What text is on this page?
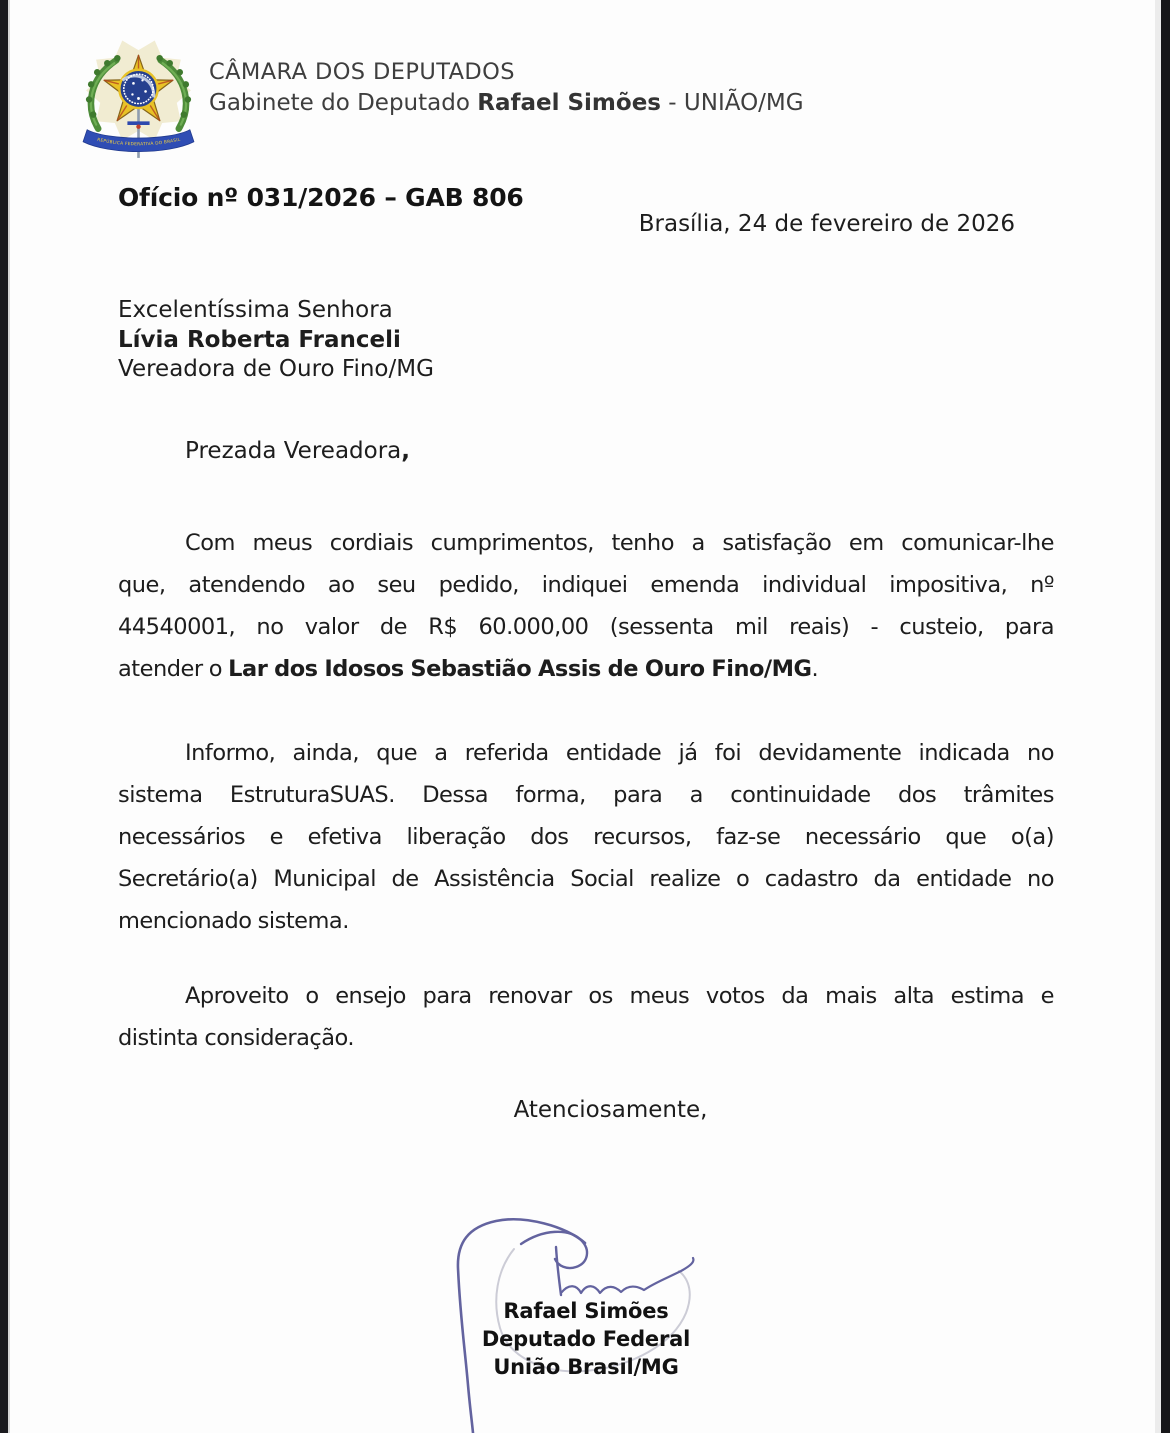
REPÚBLICA FEDERATIVA DO BRASIL
CÂMARA DOS DEPUTADOS
Gabinete do Deputado Rafael Simões - UNIÃO/MG
Ofício nº 031/2026 – GAB 806
Brasília, 24 de fevereiro de 2026
Excelentíssima Senhora
Lívia Roberta Franceli
Vereadora de Ouro Fino/MG
Prezada Vereadora,
Com meus cordiais cumprimentos, tenho a satisfação em comunicar-lhe
que, atendendo ao seu pedido, indiquei emenda individual impositiva, nº
44540001, no valor de R$ 60.000,00 (sessenta mil reais) - custeio, para
atender o Lar dos Idosos Sebastião Assis de Ouro Fino/MG.
Informo, ainda, que a referida entidade já foi devidamente indicada no
sistema EstruturaSUAS. Dessa forma, para a continuidade dos trâmites
necessários e efetiva liberação dos recursos, faz-se necessário que o(a)
Secretário(a) Municipal de Assistência Social realize o cadastro da entidade no
mencionado sistema.
Aproveito o ensejo para renovar os meus votos da mais alta estima e
distinta consideração.
Atenciosamente,
Rafael Simões
Deputado Federal
União Brasil/MG
